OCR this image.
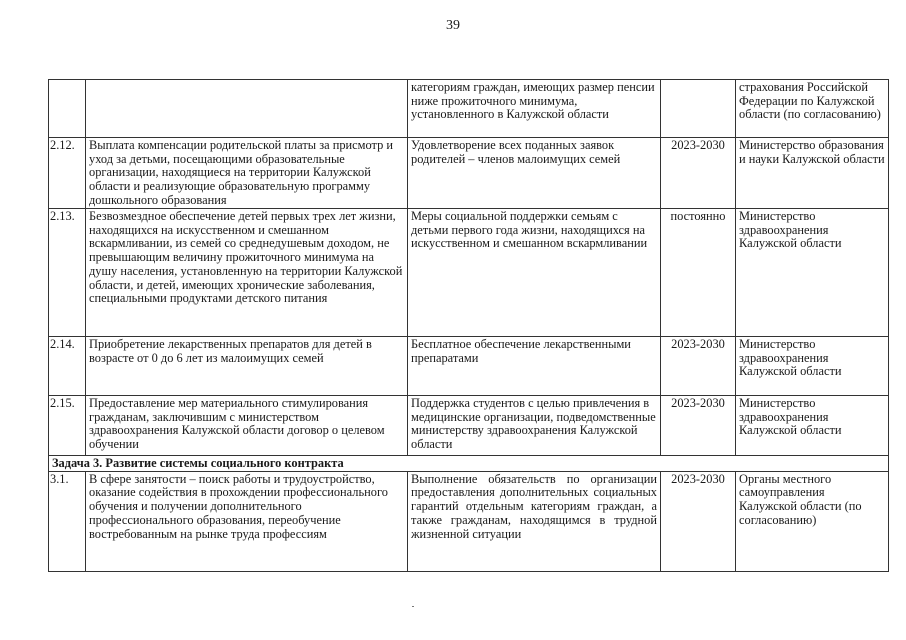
39
		категориям граждан, имеющих размер пенсии ниже прожиточного минимума, установленного в Калужской области		страхования Российской Федерации по Калужской области (по согласованию)
2.12.	Выплата компенсации родительской платы за присмотр и уход за детьми, посещающими образовательные организации, находящиеся на территории Калужской области и реализующие образовательную программу дошкольного образования	Удовлетворение всех поданных заявок родителей – членов малоимущих семей	2023-2030	Министерство образования и науки Калужской области
2.13.	Безвозмездное обеспечение детей первых трех лет жизни, находящихся на искусственном и смешанном вскармливании, из семей со среднедушевым доходом, не превышающим величину прожиточного минимума на душу населения, установленную на территории Калужской области, и детей, имеющих хронические заболевания, специальными продуктами детского питания	Меры социальной поддержки семьям с детьми первого года жизни, находящихся на искусственном и смешанном вскармливании	постоянно	Министерство здравоохранения Калужской области
2.14.	Приобретение лекарственных препаратов для детей в возрасте от 0 до 6 лет из малоимущих семей	Бесплатное обеспечение лекарственными препаратами	2023-2030	Министерство здравоохранения Калужской области
2.15.	Предоставление мер материального стимулирования гражданам, заключившим с министерством здравоохранения Калужской области договор о целевом обучении	Поддержка студентов с целью привлечения в медицинские организации, подведомственные министерству здравоохранения Калужской области	2023-2030	Министерство здравоохранения Калужской области
Задача 3. Развитие системы социального контракта				
3.1.	В сфере занятости – поиск работы и трудоустройство, оказание содействия в прохождении профессионального обучения и получении дополнительного профессионального образования, переобучение востребованным на рынке труда профессиям	Выполнение обязательств по организации предоставления дополнительных социальных гарантий отдельным категориям граждан, а также гражданам, находящимся в трудной жизненной ситуации	2023-2030	Органы местного самоуправления Калужской области (по согласованию)
